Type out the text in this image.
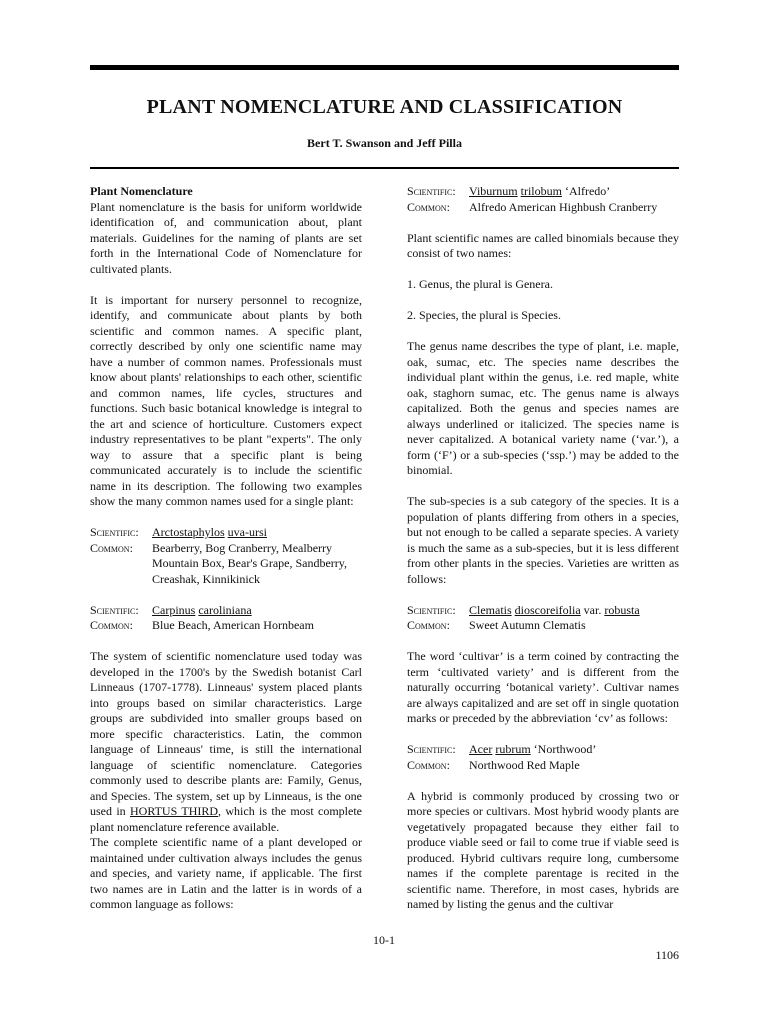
PLANT NOMENCLATURE AND CLASSIFICATION
Bert T. Swanson and Jeff Pilla
Plant Nomenclature

Plant nomenclature is the basis for uniform worldwide identification of, and communication about, plant materials. Guidelines for the naming of plants are set forth in the International Code of Nomenclature for cultivated plants.

It is important for nursery personnel to recognize, identify, and communicate about plants by both scientific and common names. A specific plant, correctly described by only one scientific name may have a number of common names. Professionals must know about plants' relationships to each other, scientific and common names, life cycles, structures and functions. Such basic botanical knowledge is integral to the art and science of horticulture. Customers expect industry representatives to be plant "experts". The only way to assure that a specific plant is being communicated accurately is to include the scientific name in its description. The following two examples show the many common names used for a single plant:

Scientific:	Arctostaphylos uva-ursi
Common:	Bearberry, Bog Cranberry, Mealberry Mountain Box, Bear's Grape, Sandberry, Creashak, Kinnikinick
Scientific:	Carpinus caroliniana
Common:	Blue Beach, American Hornbeam

The system of scientific nomenclature used today was developed in the 1700's by the Swedish botanist Carl Linneaus (1707-1778). Linneaus' system placed plants into groups based on similar characteristics. Large groups are subdivided into smaller groups based on more specific characteristics. Latin, the common language of Linneaus' time, is still the international language of scientific nomenclature. Categories commonly used to describe plants are: Family, Genus, and Species. The system, set up by Linneaus, is the one used in HORTUS THIRD, which is the most complete plant nomenclature reference available.

The complete scientific name of a plant developed or maintained under cultivation always includes the genus and species, and variety name, if applicable. The first two names are in Latin and the latter is in words of a common language as follows:

Scientific:	Viburnum trilobum ‘Alfredo’
Common:	Alfredo American Highbush Cranberry

Plant scientific names are called binomials because they consist of two names:

1. Genus, the plural is Genera.

2. Species, the plural is Species.

The genus name describes the type of plant, i.e. maple, oak, sumac, etc. The species name describes the individual plant within the genus, i.e. red maple, white oak, staghorn sumac, etc. The genus name is always capitalized. Both the genus and species names are always underlined or italicized. The species name is never capitalized. A botanical variety name (‘var.’), a form (‘F’) or a sub-species (‘ssp.’) may be added to the binomial.

The sub-species is a sub category of the species. It is a population of plants differing from others in a species, but not enough to be called a separate species. A variety is much the same as a sub-species, but it is less different from other plants in the species. Varieties are written as follows:

Scientific:	Clematis dioscoreifolia var. robusta
Common:	Sweet Autumn Clematis

The word ‘cultivar’ is a term coined by contracting the term ‘cultivated variety’ and is different from the naturally occurring ‘botanical variety’. Cultivar names are always capitalized and are set off in single quotation marks or preceded by the abbreviation ‘cv’ as follows:

Scientific:	Acer rubrum ‘Northwood’
Common:	Northwood Red Maple

A hybrid is commonly produced by crossing two or more species or cultivars. Most hybrid woody plants are vegetatively propagated because they either fail to produce viable seed or fail to come true if viable seed is produced. Hybrid cultivars require long, cumbersome names if the complete parentage is recited in the scientific name. Therefore, in most cases, hybrids are named by listing the genus and the cultivar

10-1
1106
